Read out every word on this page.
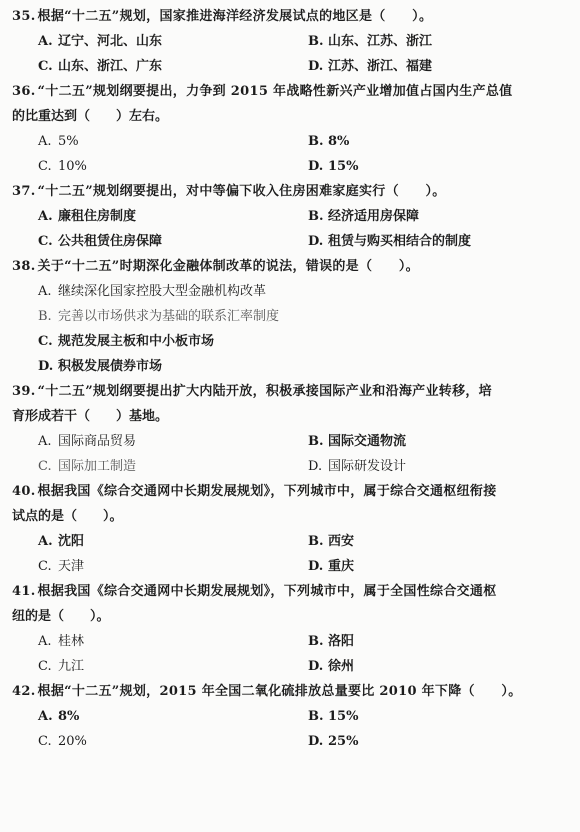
35. 根据“十二五”规划，国家推进海洋经济发展试点的地区是（　　）。

A. 辽宁、河北、山东	B. 山东、江苏、浙江
C. 山东、浙江、广东	D. 江苏、浙江、福建

36. “十二五”规划纲要提出，力争到 2015 年战略性新兴产业增加值占国内生产总值

的比重达到（　　）左右。

A. 5%	B. 8%
C. 10%	D. 15%

37. “十二五”规划纲要提出，对中等偏下收入住房困难家庭实行（　　）。

A. 廉租住房制度	B. 经济适用房保障
C. 公共租赁住房保障	D. 租赁与购买相结合的制度

38. 关于“十二五”时期深化金融体制改革的说法，错误的是（　　）。

A. 继续深化国家控股大型金融机构改革
B. 完善以市场供求为基础的联系汇率制度
C. 规范发展主板和中小板市场
D. 积极发展债券市场

39. “十二五”规划纲要提出扩大内陆开放，积极承接国际产业和沿海产业转移，培

育形成若干（　　）基地。

A. 国际商品贸易	B. 国际交通物流
C. 国际加工制造	D. 国际研发设计

40. 根据我国《综合交通网中长期发展规划》，下列城市中，属于综合交通枢纽衔接

试点的是（　　）。

A. 沈阳	B. 西安
C. 天津	D. 重庆

41. 根据我国《综合交通网中长期发展规划》，下列城市中，属于全国性综合交通枢

纽的是（　　）。

A. 桂林	B. 洛阳
C. 九江	D. 徐州

42. 根据“十二五”规划，2015 年全国二氧化硫排放总量要比 2010 年下降（　　）。

A. 8%	B. 15%
C. 20%	D. 25%
